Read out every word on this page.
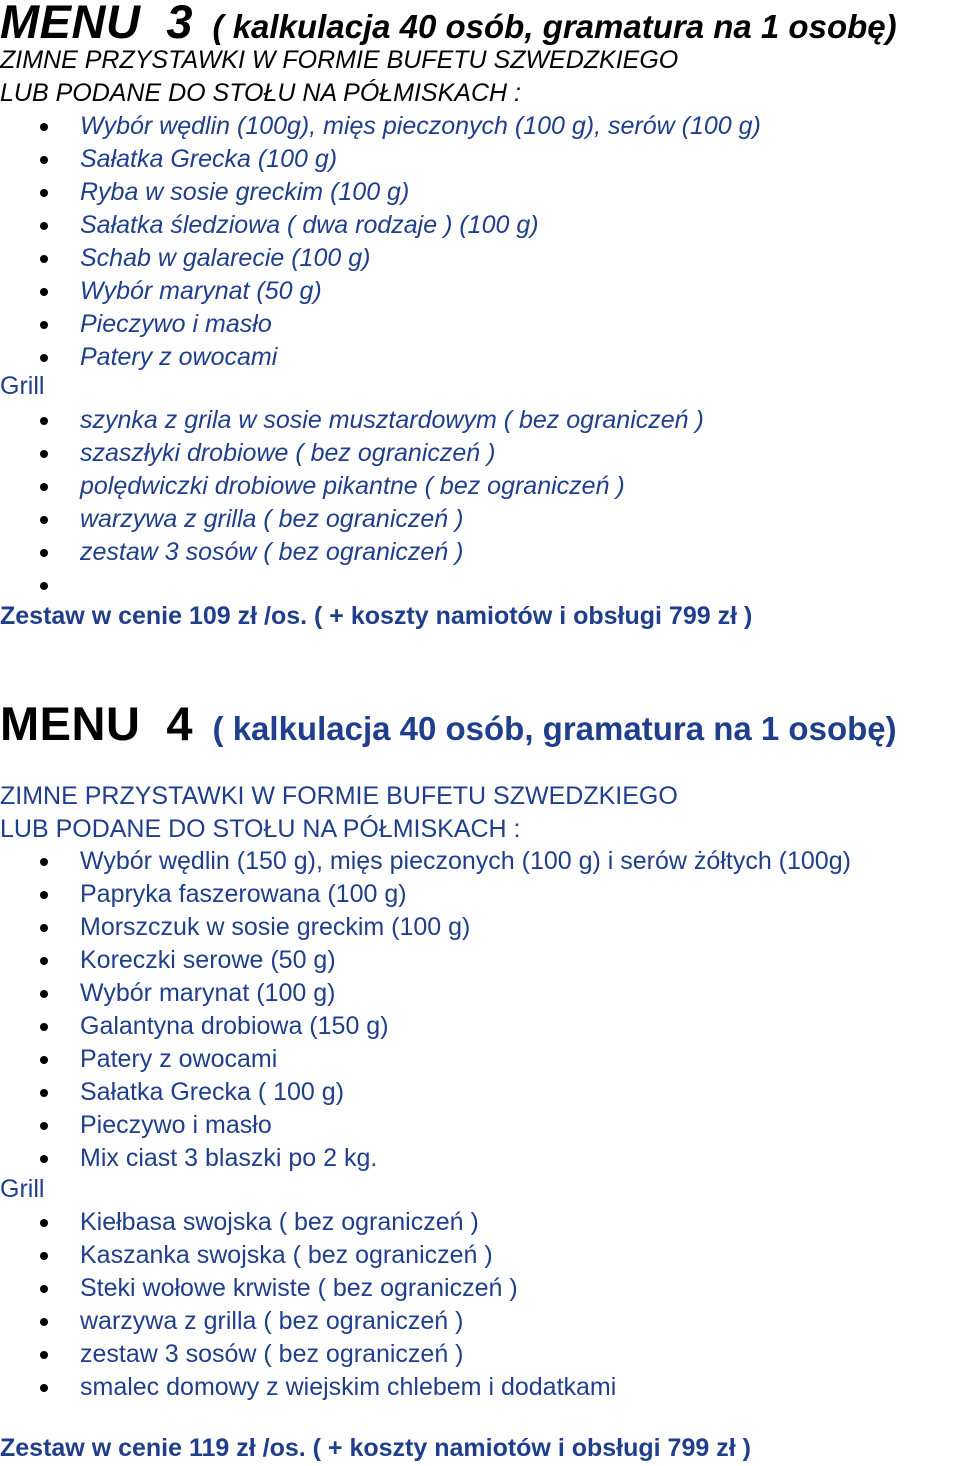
MENU 3 ( kalkulacja 40 osób, gramatura na 1 osobę)
ZIMNE PRZYSTAWKI W FORMIE BUFETU SZWEDZKIEGO
LUB PODANE DO STOŁU NA PÓŁMISKACH :
Wybór wędlin (100g), mięs pieczonych (100 g), serów (100 g)
Sałatka Grecka (100 g)
Ryba w sosie greckim (100 g)
Sałatka śledziowa ( dwa rodzaje ) (100 g)
Schab w galarecie (100 g)
Wybór marynat (50 g)
Pieczywo i masło
Patery z owocami
Grill
szynka z grila w sosie musztardowym ( bez ograniczeń )
szaszłyki drobiowe ( bez ograniczeń )
polędwiczki drobiowe pikantne ( bez ograniczeń )
warzywa z grilla ( bez ograniczeń )
zestaw 3 sosów ( bez ograniczeń )
Zestaw w cenie 109 zł /os. ( + koszty namiotów i obsługi 799 zł )
MENU 4 ( kalkulacja 40 osób, gramatura na 1 osobę)
ZIMNE PRZYSTAWKI W FORMIE BUFETU SZWEDZKIEGO
LUB PODANE DO STOŁU NA PÓŁMISKACH :
Wybór wędlin (150 g), mięs pieczonych (100 g) i serów żółtych (100g)
Papryka faszerowana (100 g)
Morszczuk w sosie greckim (100 g)
Koreczki serowe (50 g)
Wybór marynat (100 g)
Galantyna drobiowa (150 g)
Patery z owocami
Sałatka Grecka ( 100 g)
Pieczywo i masło
Mix ciast 3 blaszki po 2 kg.
Grill
Kiełbasa swojska ( bez ograniczeń )
Kaszanka swojska ( bez ograniczeń )
Steki wołowe krwiste ( bez ograniczeń )
warzywa z grilla ( bez ograniczeń )
zestaw 3 sosów ( bez ograniczeń )
smalec domowy z wiejskim chlebem i dodatkami
Zestaw w cenie 119 zł /os. ( + koszty namiotów i obsługi 799 zł )
